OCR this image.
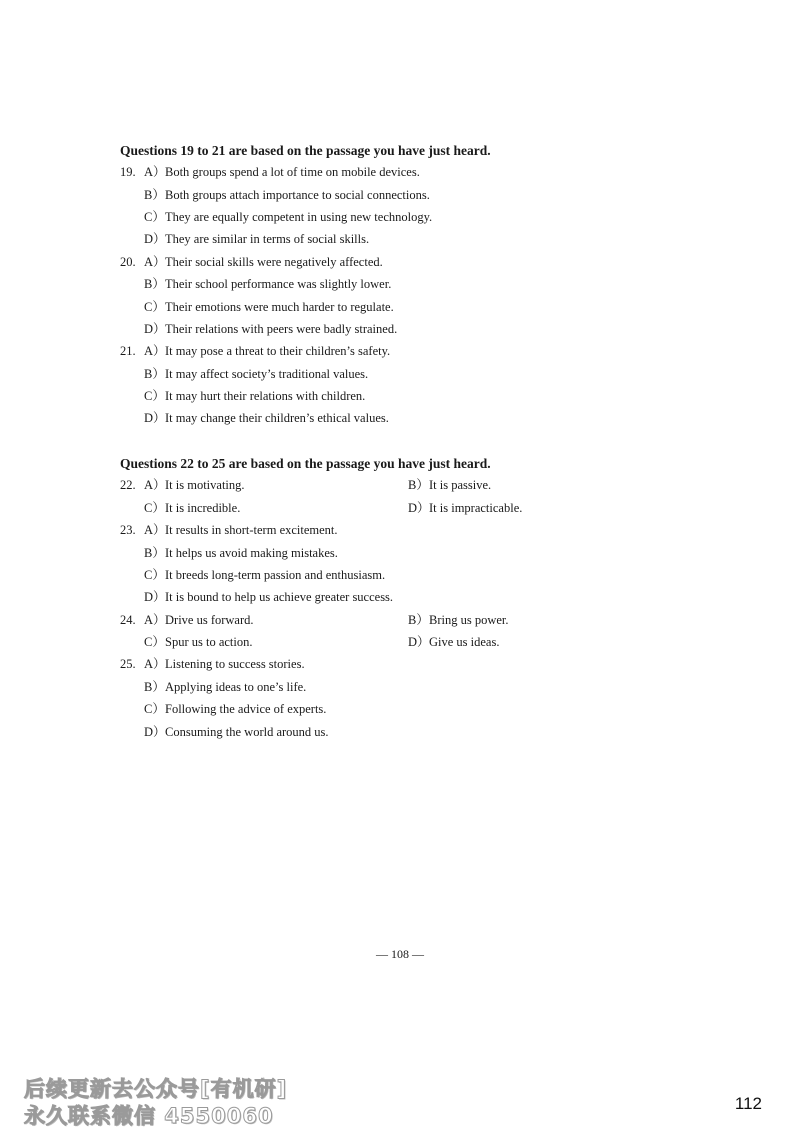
Questions 19 to 21 are based on the passage you have just heard.
19. A）Both groups spend a lot of time on mobile devices.
B）Both groups attach importance to social connections.
C）They are equally competent in using new technology.
D）They are similar in terms of social skills.
20. A）Their social skills were negatively affected.
B）Their school performance was slightly lower.
C）Their emotions were much harder to regulate.
D）Their relations with peers were badly strained.
21. A）It may pose a threat to their children’s safety.
B）It may affect society’s traditional values.
C）It may hurt their relations with children.
D）It may change their children’s ethical values.
Questions 22 to 25 are based on the passage you have just heard.
22. A）It is motivating.	B）It is passive.
C）It is incredible.	D）It is impracticable.
23. A）It results in short-term excitement.
B）It helps us avoid making mistakes.
C）It breeds long-term passion and enthusiasm.
D）It is bound to help us achieve greater success.
24. A）Drive us forward.	B）Bring us power.
C）Spur us to action.	D）Give us ideas.
25. A）Listening to success stories.
B）Applying ideas to one’s life.
C）Following the advice of experts.
D）Consuming the world around us.
— 108 —
后续更新去公众号[有机研]
永久联系微信 4550060
112
